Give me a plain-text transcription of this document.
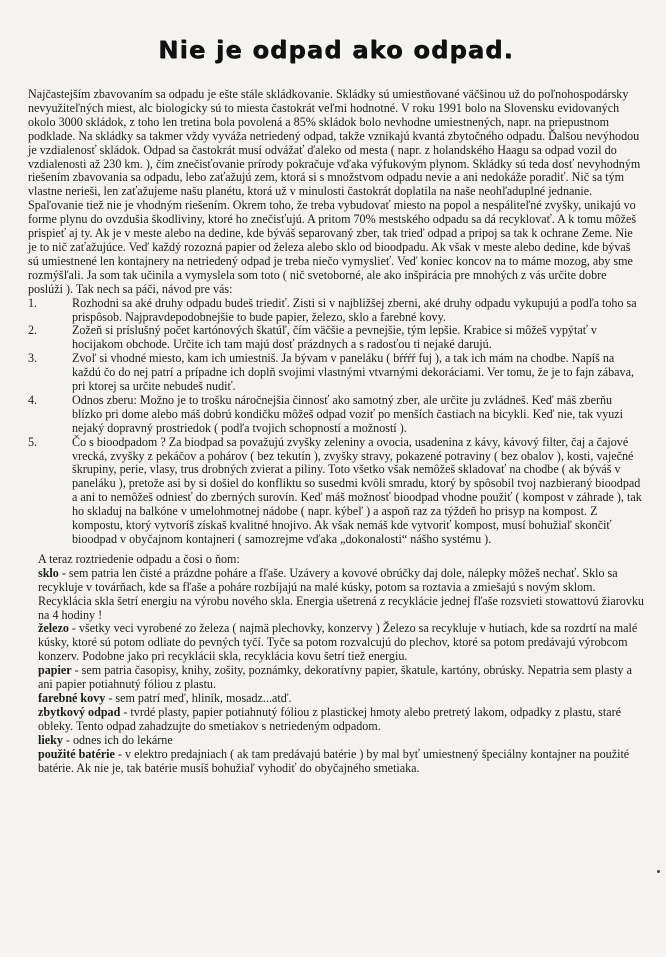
Nie je odpad ako odpad.

Najčastejším zbavovaním sa odpadu je ešte stále skládkovanie. Skládky sú umiestňované väčšinou už do poľnohospodársky nevyužiteľných miest, alc biologicky sú to miesta častokrát veľmi hodnotné. V roku 1991 bolo na Slovensku evidovaných okolo 3000 skládok, z toho len tretina bola povolená a 85% skládok bolo nevhodne umiestnených, napr. na priepustnom podklade. Na skládky sa takmer vždy vyváža netriedený odpad, takže vznikajú kvantá zbytočného odpadu. Ďalšou nevýhodou je vzdialenosť skládok. Odpad sa častokrát musí odvážať ďaleko od mesta ( napr. z holandského Haagu sa odpad vozil do vzdialenosti až 230 km. ), čím znečisťovanie prírody pokračuje vďaka výfukovým plynom. Skládky sú teda dosť nevyhodným riešením zbavovania sa odpadu, lebo zaťažujú zem, ktorá si s množstvom odpadu nevie a ani nedokáže poradiť. Nič sa tým vlastne nerieši, len zaťažujeme našu planétu, ktorá už v minulosti častokrát doplatila na naše neohľaduplné jednanie. Spaľovanie tiež nie je vhodným riešením. Okrem toho, že treba vybudovať miesto na popol a nespáliteľné zvyšky, unikajú vo forme plynu do ovzdušia škodliviny, ktoré ho znečisťujú. A pritom 70% mestského odpadu sa dá recyklovať. A k tomu môžeš prispieť aj ty. Ak je v meste alebo na dedine, kde býváš separovaný zber, tak trieď odpad a pripoj sa tak k ochrane Zeme. Nie je to nič zaťažujúce. Veď každý rozozná papier od železa alebo sklo od bioodpadu. Ak však v meste alebo dedine, kde bývaš sú umiestnené len kontajnery na netriedený odpad je treba niečo vymyslieť. Veď koniec koncov na to máme mozog, aby sme rozmýšľali. Ja som tak učinila a vymyslela som toto ( nič svetoborné, ale ako inšpirácia pre mnohých z vás určite dobre poslúži ). Tak nech sa páči, návod pre vás:

1.	Rozhodni sa aké druhy odpadu budeš triediť. Zisti si v najbližšej zberni, aké druhy odpadu vykupujú a podľa toho sa prispôsob. Najpravdepodobnejšie to bude papier, železo, sklo a farebné kovy.
2.	Zožeň si príslušný počet kartónových škatúľ, čím väčšie a pevnejšie, tým lepšie. Krabice si môžeš vypýtať v hocijakom obchode. Určite ich tam majú dosť prázdnych a s radosťou ti nejaké darujú.
3.	Zvoľ si vhodné miesto, kam ich umiestniš. Ja bývam v paneláku ( bŕŕŕŕ fuj ), a tak ich mám na chodbe. Napíš na každú čo do nej patrí a prípadne ich doplň svojimi vlastnými vtvarnými dekoráciami. Ver tomu, že je to fajn zábava, pri ktorej sa určite nebudeš nudiť.
4.	Odnos zberu: Možno je to trošku náročnejšia činnosť ako samotný zber, ale určite ju zvládneš. Keď máš zberňu blízko pri dome alebo máš dobrú kondičku môžeš odpad voziť po menších častiach na bicykli. Keď nie, tak vyuzi nejaký dopravný prostriedok ( podľa tvojich schopností a možností ).
5.	Čo s bioodpadom ? Za biodpad sa považujú zvyšky zeleniny a ovocia, usadenina z kávy, kávový filter, čaj a čajové vrecká, zvyšky z pekáčov a pohárov ( bez tekutín ), zvyšky stravy, pokazené potraviny ( bez obalov ), kosti, vaječné škrupiny, perie, vlasy, trus drobných zvierat a piliny. Toto všetko však nemôžeš skladovať na chodbe ( ak býváš v paneláku ), pretože asi by si došiel do konfliktu so susedmi kvôli smradu, ktorý by spôsobil tvoj nazbieraný bioodpad a ani to nemôžeš odniesť do zberných surovín. Keď máš možnosť bioodpad vhodne použiť ( kompost v záhrade ), tak ho skladuj na balkóne v umelohmotnej nádobe ( napr. kýbeľ ) a aspoň raz za týždeň ho prisyp na kompost. Z kompostu, ktorý vytvoríš získaš kvalitné hnojivo. Ak však nemáš kde vytvoriť kompost, musí bohužiaľ skončiť bioodpad v obyčajnom kontajneri ( samozrejme vďaka „dokonalosti“ nášho systému ).

A teraz roztriedenie odpadu a čosi o ňom:

sklo - sem patria len čisté a prázdne poháre a fľaše. Uzávery a kovové obrúčky daj dole, nálepky môžeš nechať. Sklo sa recykluje v továrňach, kde sa fľaše a poháre rozbíjajú na malé kúsky, potom sa roztavia a zmiešajú s novým sklom. Recyklácia skla šetrí energiu na výrobu nového skla. Energia ušetrená z recyklácie jednej fľaše rozsvieti stowattovú žiarovku na 4 hodiny !
železo - všetky veci vyrobené zo železa ( najmä plechovky, konzervy ) Železo sa recykluje v hutiach, kde sa rozdrtí na malé kúsky, ktoré sú potom odliate do pevných tyčí. Tyče sa potom rozvalcujú do plechov, ktoré sa potom predávajú výrobcom konzerv. Podobne jako pri recyklácii skla, recyklácia kovu šetrí tiež energiu.
papier - sem patria časopisy, knihy, zošity, poznámky, dekoratívny papier, škatule, kartóny, obrúsky. Nepatria sem plasty a ani papier potiahnutý fóliou z plastu.
farebné kovy - sem patrí meď, hliník, mosadz...atď.
zbytkový odpad - tvrdé plasty, papier potiahnutý fóliou z plastickej hmoty alebo pretretý lakom, odpadky z plastu, staré obleky. Tento odpad zahadzujte do smetiakov s netriedeným odpadom.
lieky - odnes ich do lekárne
použité batérie - v elektro predajniach ( ak tam predávajú batérie ) by mal byť umiestnený špeciálny kontajner na použité batérie. Ak nie je, tak batérie musíš bohužiaľ vyhodiť do obyčajného smetiaka.
